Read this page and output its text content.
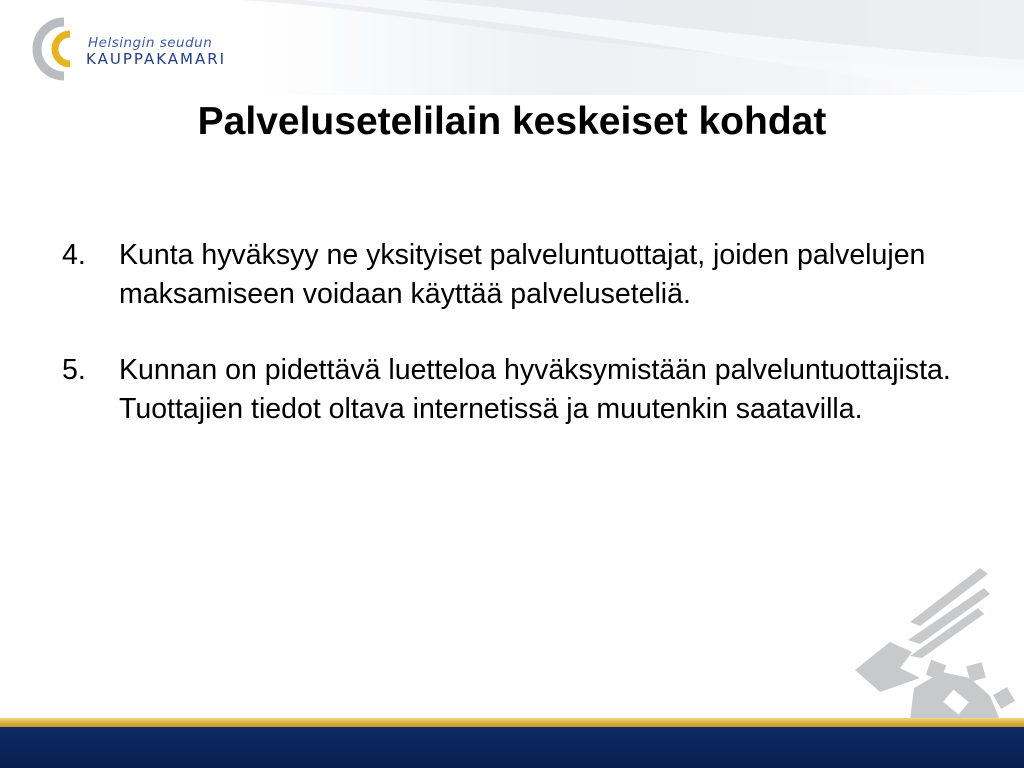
Helsingin seudun
KAUPPAKAMARI
Palvelusetelilain keskeiset kohdat
4. Kunta hyväksyy ne yksityiset palveluntuottajat, joiden palvelujen maksamiseen voidaan käyttää palveluseteliä.
5. Kunnan on pidettävä luetteloa hyväksymistään palveluntuottajista. Tuottajien tiedot oltava internetissä ja muutenkin saatavilla.
